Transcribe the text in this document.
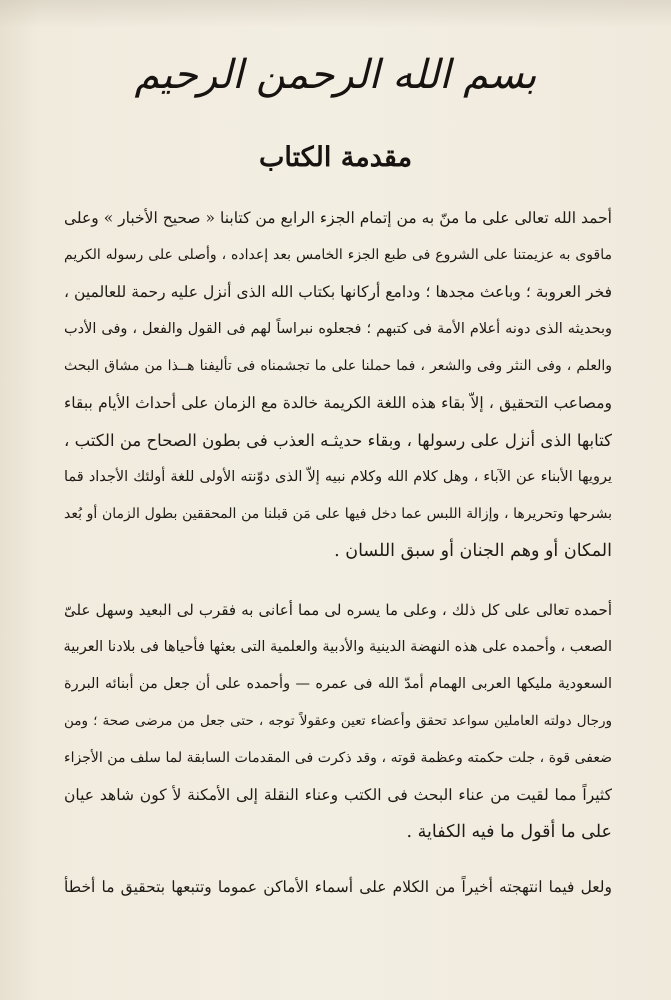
بسم الله الرحمن الرحيم
مقدمة الكتاب
أحمد الله تعالى على ما منّ به من إتمام الجزء الرابع من كتابنا « صحيح الأخبار » وعلى
ماقوى به عزيمتنا على الشروع فى طبع الجزء الخامس بعد إعداده ، وأصلى على رسوله الكريم
فخر العروبة ؛ وباعث مجدها ؛ ودامع أركانها بكتاب الله الذى أنزل عليه رحمة للعالمين ،
وبحديثه الذى دونه أعلام الأمة فى كتبهم ؛ فجعلوه نبراساً لهم فى القول والفعل ، وفى الأدب
والعلم ، وفى النثر وفى والشعر ، فما حملنا على ما تجشمناه فى تأليفنا هــذا من مشاق البحث
ومصاعب التحقيق ، إلاّ بقاء هذه اللغة الكريمة خالدة مع الزمان على أحداث الأيام ببقاء
كتابها الذى أنزل على رسولها ، وبقاء حديثـه العذب فى بطون الصحاح من الكتب ،
يرويها الأبناء عن الآباء ، وهل كلام الله وكلام نبيه إلاّ الذى دوّنته الأولى للغة أولئك الأجداد قما
بشرحها وتحريرها ، وإزالة اللبس عما دخل فيها على مَن قبلنا من المحققين بطول الزمان أو بُعد
المكان أو وهم الجنان أو سبق اللسان .
أحمده تعالى على كل ذلك ، وعلى ما يسره لى مما أعانى به فقرب لى البعيد وسهل علىّ
الصعب ، وأحمده على هذه النهضة الدينية والأدبية والعلمية التى بعثها فأحياها فى بلادنا العربية
السعودية مليكها العربى الهمام أمدّ الله فى عمره — وأحمده على أن جعل من أبنائه البررة
ورجال دولته العاملين سواعد تحقق وأعضاء تعين وعقولاً توجه ، حتى جعل من مرضى صحة ؛ ومن
ضعفى قوة ، جلت حكمته وعظمة قوته ، وقد ذكرت فى المقدمات السابقة لما سلف من الأجزاء
كثيراً مما لقيت من عناء البحث فى الكتب وعناء النقلة إلى الأمكنة لأ كون شاهد عيان
على ما أقول ما فيه الكفاية .
ولعل فيما انتهجته أخيراً من الكلام على أسماء الأماكن عموما وتتبعها بتحقيق ما أخطأ
